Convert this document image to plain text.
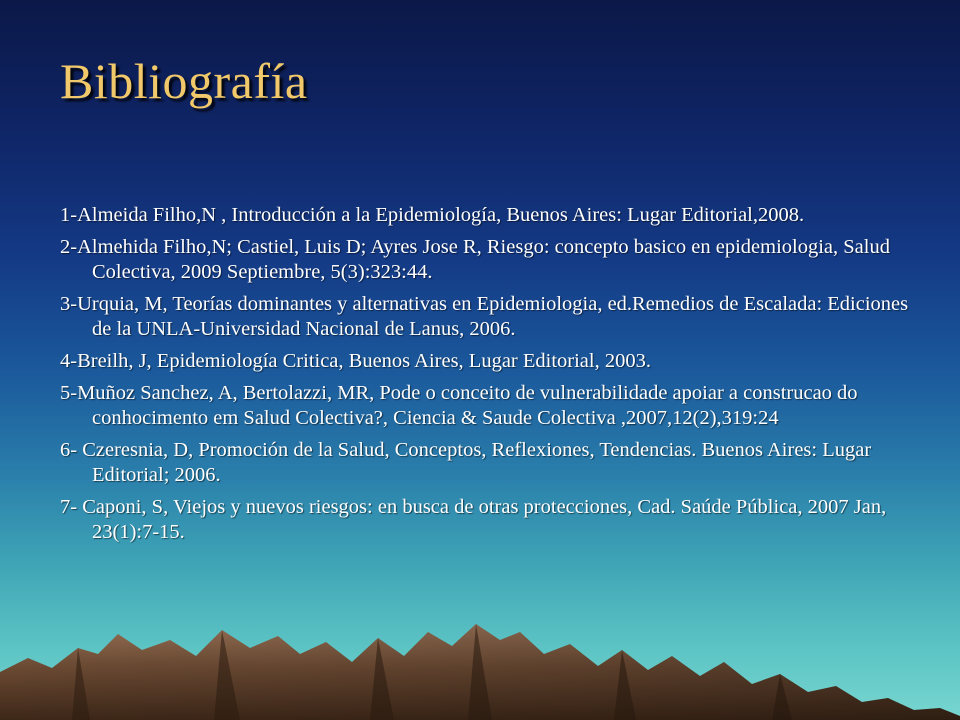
Bibliografía
1-Almeida Filho,N , Introducción a la Epidemiología, Buenos Aires: Lugar Editorial,2008.
2-Almehida Filho,N; Castiel, Luis D; Ayres Jose R, Riesgo: concepto basico en epidemiologia, Salud Colectiva, 2009 Septiembre, 5(3):323:44.
3-Urquia, M, Teorías dominantes y alternativas en Epidemiologia, ed.Remedios de Escalada: Ediciones de la UNLA-Universidad Nacional de Lanus, 2006.
4-Breilh, J, Epidemiología Critica, Buenos Aires, Lugar Editorial, 2003.
5-Muñoz Sanchez, A, Bertolazzi, MR, Pode o conceito de vulnerabilidade apoiar a construcao do conhocimento em Salud Colectiva?, Ciencia & Saude Colectiva ,2007,12(2),319:24
6- Czeresnia, D, Promoción de la Salud, Conceptos, Reflexiones, Tendencias. Buenos Aires: Lugar Editorial; 2006.
7- Caponi, S, Viejos y nuevos riesgos: en busca de otras protecciones, Cad. Saúde Pública, 2007 Jan, 23(1):7-15.
